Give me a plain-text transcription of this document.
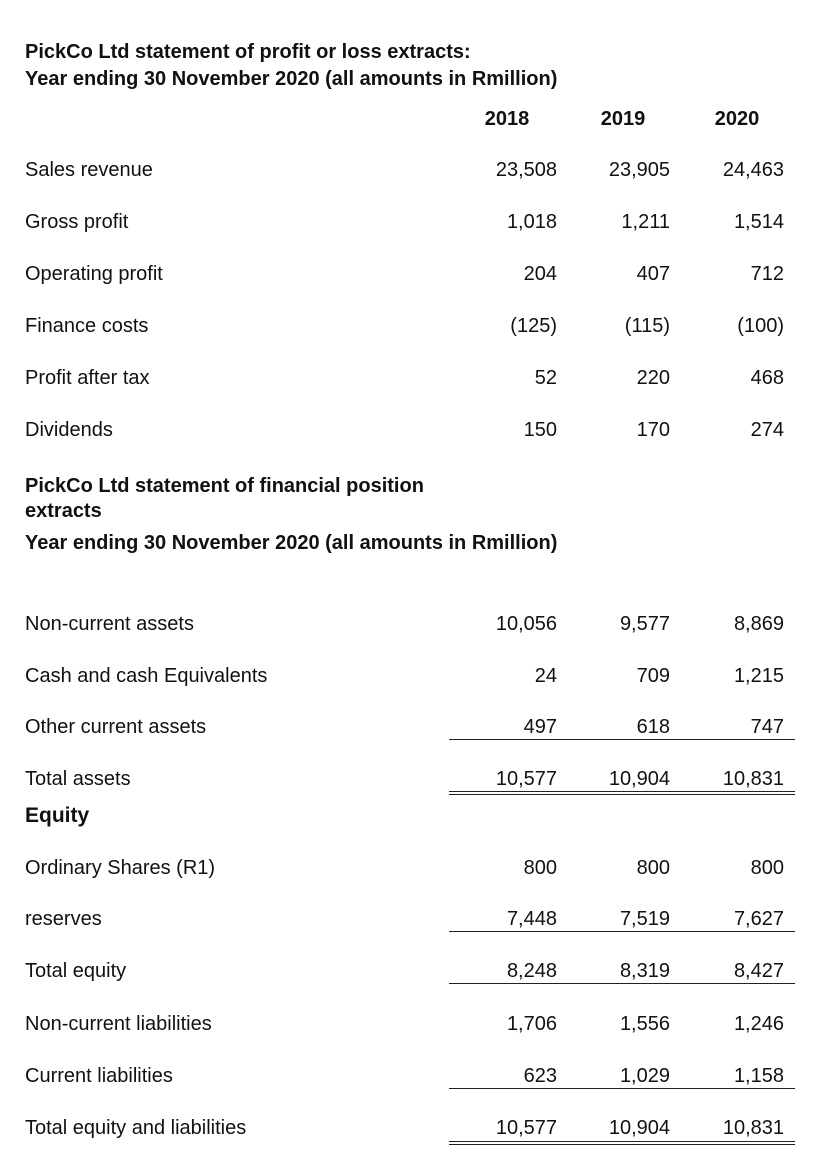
PickCo Ltd statement of profit or loss extracts:
Year ending 30 November 2020 (all amounts in Rmillion)
2018	2019	2020
PickCo Ltd statement of financial position
extracts
Year ending 30 November 2020 (all amounts in Rmillion)
Equity
Sales revenue	23,508	23,905	24,463
Gross profit	1,018	1,211	1,514
Operating profit	204	407	712
Finance costs	(125)	(115)	(100)
Profit after tax	52	220	468
Dividends	150	170	274
Non-current assets	10,056	9,577	8,869
Cash and cash Equivalents	24	709	1,215
Other current assets	497	618	747
Total assets	10,577	10,904	10,831
Ordinary Shares (R1)	800	800	800
reserves	7,448	7,519	7,627
Total equity	8,248	8,319	8,427
Non-current liabilities	1,706	1,556	1,246
Current liabilities	623	1,029	1,158
Total equity and liabilities	10,577	10,904	10,831
